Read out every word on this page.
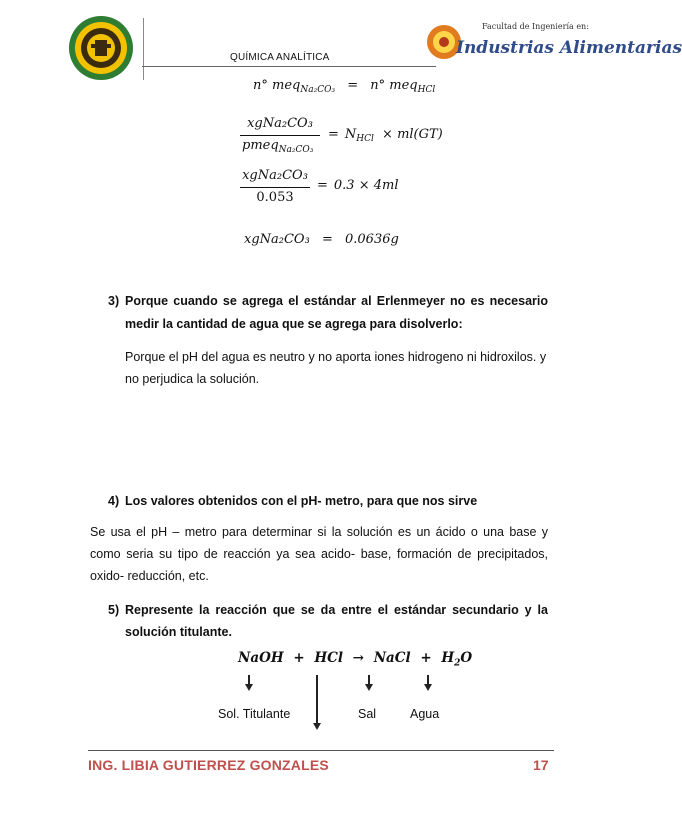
QUÍMICA ANALÍTICA
Facultad de Ingeniería en:
Industrias Alimentarias
n° meq$_{Na_2CO_3}$ = n° meq$_{HCl}$
xgNa₂CO₃
pmeq$_{Na_2CO_3}$
= $N_{HCl} \times ml(GT)$
xgNa₂CO₃
0.053
= 0.3 × 4ml
xgNa₂CO₃ = 0.0636g
3) Porque cuando se agrega el estándar al Erlenmeyer no es necesario
medir la cantidad de agua que se agrega para disolverlo:
Porque el pH del agua es neutro y no aporta iones hidrogeno ni hidroxilos. y
no perjudica la solución.
4) Los valores obtenidos con el pH- metro, para que nos sirve
Se usa el pH – metro para determinar si la solución es un ácido o una base y
como seria su tipo de reacción ya sea acido- base, formación de precipitados,
oxido- reducción, etc.
5) Represente la reacción que se da entre el estándar secundario y la
solución titulante.
NaOH + HCl → NaCl + $H_2O$
Sol. Titulante	Sal	Agua
ING. LIBIA GUTIERREZ GONZALES	17
